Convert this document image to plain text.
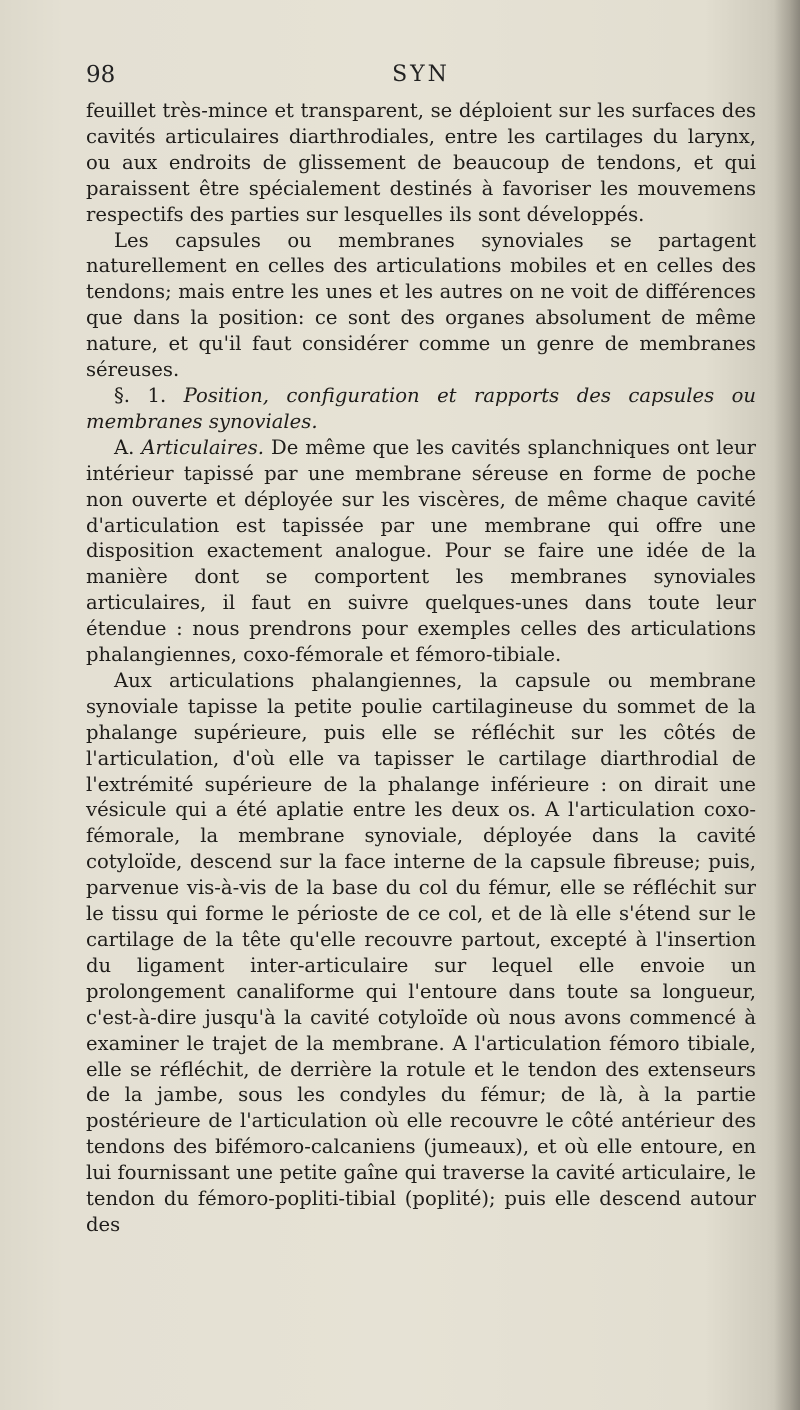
98	SYN

feuillet très-mince et transparent, se déploient sur les surfaces des cavités articulaires diarthrodiales, entre les cartilages du larynx, ou aux endroits de glissement de beaucoup de tendons, et qui paraissent être spécialement destinés à favoriser les mouvemens respectifs des parties sur lesquelles ils sont développés.

Les capsules ou membranes synoviales se partagent naturellement en celles des articulations mobiles et en celles des tendons; mais entre les unes et les autres on ne voit de différences que dans la position: ce sont des organes absolument de même nature, et qu'il faut considérer comme un genre de membranes séreuses.

§. 1. Position, configuration et rapports des capsules ou membranes synoviales.

A. Articulaires. De même que les cavités splanchniques ont leur intérieur tapissé par une membrane séreuse en forme de poche non ouverte et déployée sur les viscères, de même chaque cavité d'articulation est tapissée par une membrane qui offre une disposition exactement analogue. Pour se faire une idée de la manière dont se comportent les membranes synoviales articulaires, il faut en suivre quelques-unes dans toute leur étendue : nous prendrons pour exemples celles des articulations phalangiennes, coxo-fémorale et fémoro-tibiale.

Aux articulations phalangiennes, la capsule ou membrane synoviale tapisse la petite poulie cartilagineuse du sommet de la phalange supérieure, puis elle se réfléchit sur les côtés de l'articulation, d'où elle va tapisser le cartilage diarthrodial de l'extrémité supérieure de la phalange inférieure : on dirait une vésicule qui a été aplatie entre les deux os. A l'articulation coxo-fémorale, la membrane synoviale, déployée dans la cavité cotyloïde, descend sur la face interne de la capsule fibreuse; puis, parvenue vis-à-vis de la base du col du fémur, elle se réfléchit sur le tissu qui forme le périoste de ce col, et de là elle s'étend sur le cartilage de la tête qu'elle recouvre partout, excepté à l'insertion du ligament inter-articulaire sur lequel elle envoie un prolongement canaliforme qui l'entoure dans toute sa longueur, c'est-à-dire jusqu'à la cavité cotyloïde où nous avons commencé à examiner le trajet de la membrane. A l'articulation fémoro tibiale, elle se réfléchit, de derrière la rotule et le tendon des extenseurs de la jambe, sous les condyles du fémur; de là, à la partie postérieure de l'articulation où elle recouvre le côté antérieur des tendons des bifémoro-calcaniens (jumeaux), et où elle entoure, en lui fournissant une petite gaîne qui traverse la cavité articulaire, le tendon du fémoro-popliti-tibial (poplité); puis elle descend autour des
